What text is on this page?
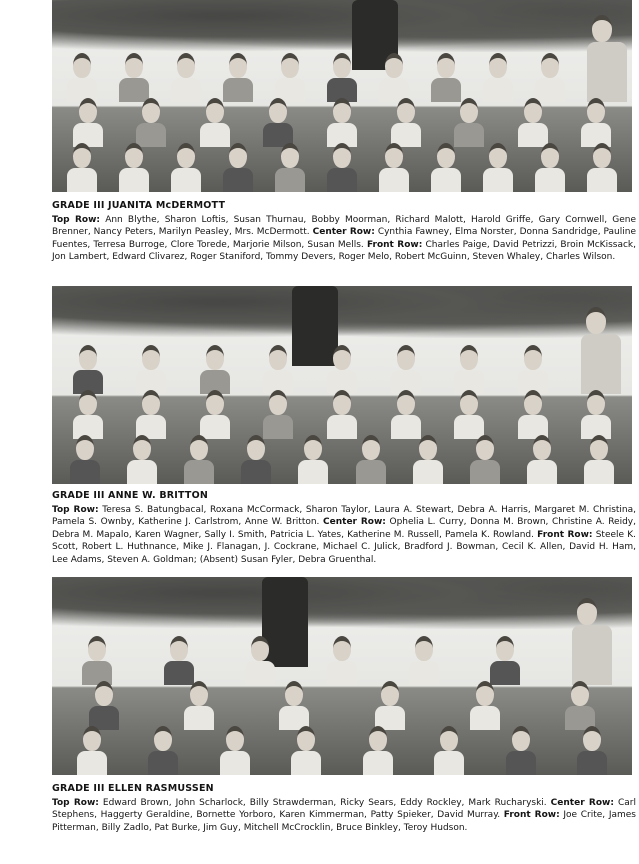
GRADE III JUANITA McDERMOTT
Top Row: Ann Blythe, Sharon Loftis, Susan Thurnau, Bobby Moorman, Richard Malott, Harold Griffe, Gary Cornwell, Gene Brenner, Nancy Peters, Marilyn Peasley, Mrs. McDermott. Center Row: Cynthia Fawney, Elma Norster, Donna Sandridge, Pauline Fuentes, Terresa Burroge, Clore Torede, Marjorie Milson, Susan Mells. Front Row: Charles Paige, David Petrizzi, Broin McKissack, Jon Lambert, Edward Clivarez, Roger Staniford, Tommy Devers, Roger Melo, Robert McGuinn, Steven Whaley, Charles Wilson.
GRADE III ANNE W. BRITTON
Top Row: Teresa S. Batungbacal, Roxana McCormack, Sharon Taylor, Laura A. Stewart, Debra A. Harris, Margaret M. Christina, Pamela S. Ownby, Katherine J. Carlstrom, Anne W. Britton. Center Row: Ophelia L. Curry, Donna M. Brown, Christine A. Reidy, Debra M. Mapalo, Karen Wagner, Sally I. Smith, Patricia L. Yates, Katherine M. Russell, Pamela K. Rowland. Front Row: Steele K. Scott, Robert L. Huthnance, Mike J. Flanagan, J. Cockrane, Michael C. Julick, Bradford J. Bowman, Cecil K. Allen, David H. Ham, Lee Adams, Steven A. Goldman; (Absent) Susan Fyler, Debra Gruenthal.
GRADE III ELLEN RASMUSSEN
Top Row: Edward Brown, John Scharlock, Billy Strawderman, Ricky Sears, Eddy Rockley, Mark Rucharyski. Center Row: Carl Stephens, Haggerty Geraldine, Bornette Yorboro, Karen Kimmerman, Patty Spieker, David Murray. Front Row: Joe Crite, James Pitterman, Billy Zadlo, Pat Burke, Jim Guy, Mitchell McCrocklin, Bruce Binkley, Teroy Hudson.
